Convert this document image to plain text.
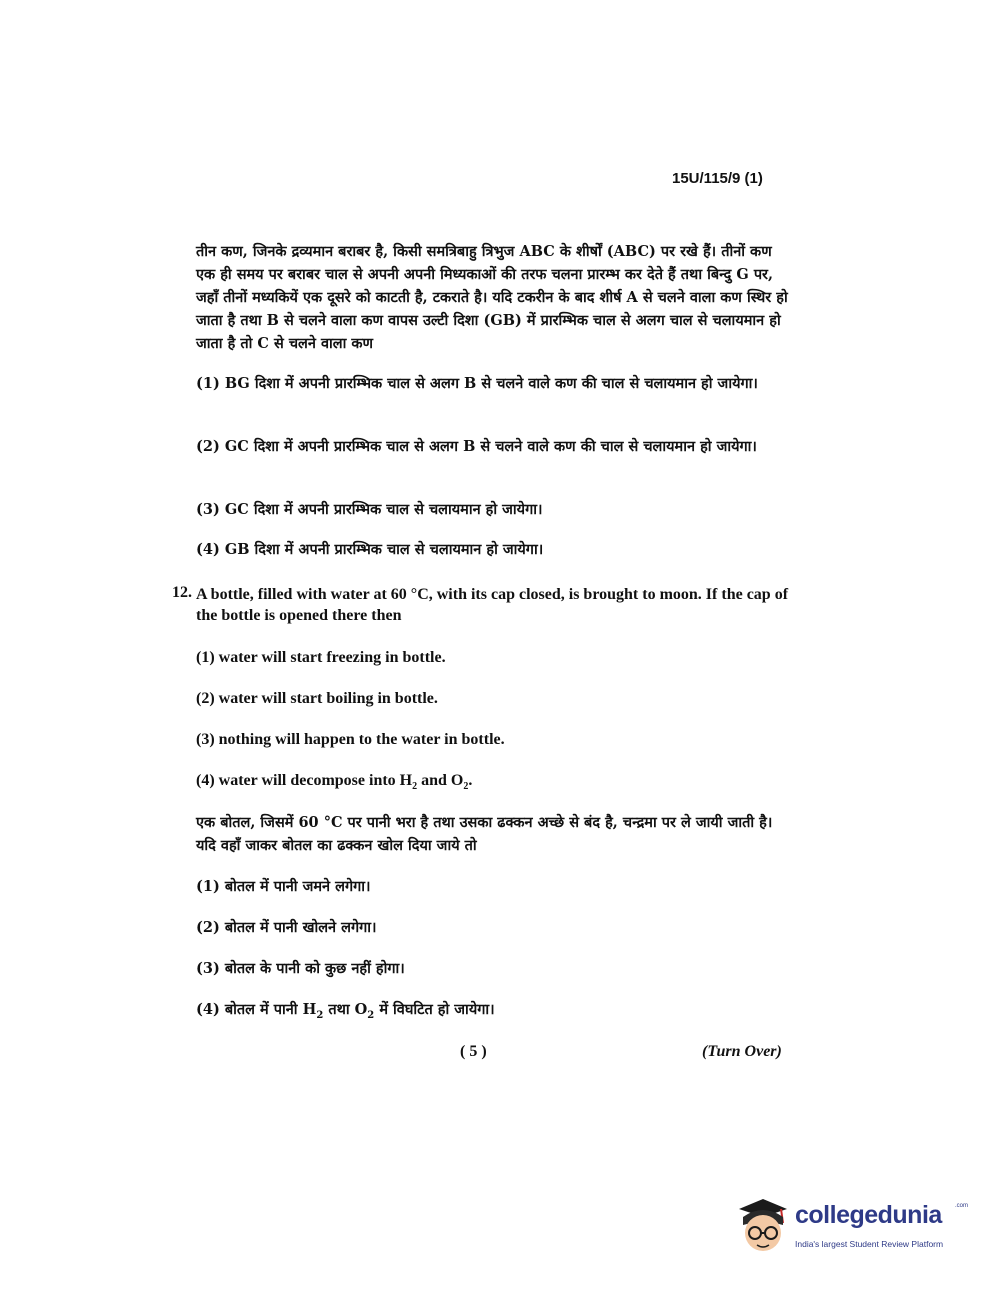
15U/115/9 (1)
तीन कण, जिनके द्रव्यमान बराबर है, किसी समत्रिबाहु त्रिभुज ABC के शीर्षों (ABC) पर रखे हैं। तीनों कण एक ही समय पर बराबर चाल से अपनी अपनी मिध्यकाओं की तरफ चलना प्रारम्भ कर देते हैं तथा बिन्दु G पर, जहाँ तीनों मध्यकियें एक दूसरे को काटती है, टकराते है। यदि टकरीन के बाद शीर्ष A से चलने वाला कण स्थिर हो जाता है तथा B से चलने वाला कण वापस उल्टी दिशा (GB) में प्रारम्भिक चाल से अलग चाल से चलायमान हो जाता है तो C से चलने वाला कण
(1) BG दिशा में अपनी प्रारम्भिक चाल से अलग B से चलने वाले कण की चाल से चलायमान हो जायेगा।
(2) GC दिशा में अपनी प्रारम्भिक चाल से अलग B से चलने वाले कण की चाल से चलायमान हो जायेगा।
(3) GC दिशा में अपनी प्रारम्भिक चाल से चलायमान हो जायेगा।
(4) GB दिशा में अपनी प्रारम्भिक चाल से चलायमान हो जायेगा।
12. A bottle, filled with water at 60 °C, with its cap closed, is brought to moon. If the cap of the bottle is opened there then
(1) water will start freezing in bottle.
(2) water will start boiling in bottle.
(3) nothing will happen to the water in bottle.
(4) water will decompose into $H_2$ and $O_2$.
एक बोतल, जिसमें 60 °C पर पानी भरा है तथा उसका ढक्कन अच्छे से बंद है, चन्द्रमा पर ले जायी जाती है। यदि वहाँ जाकर बोतल का ढक्कन खोल दिया जाये तो
(1) बोतल में पानी जमने लगेगा।
(2) बोतल में पानी खोलने लगेगा।
(3) बोतल के पानी को कुछ नहीं होगा।
(4) बोतल में पानी $H_2$ तथा $O_2$ में विघटित हो जायेगा।
( 5 )	(Turn Over)
collegedunia .com
India's largest Student Review Platform
